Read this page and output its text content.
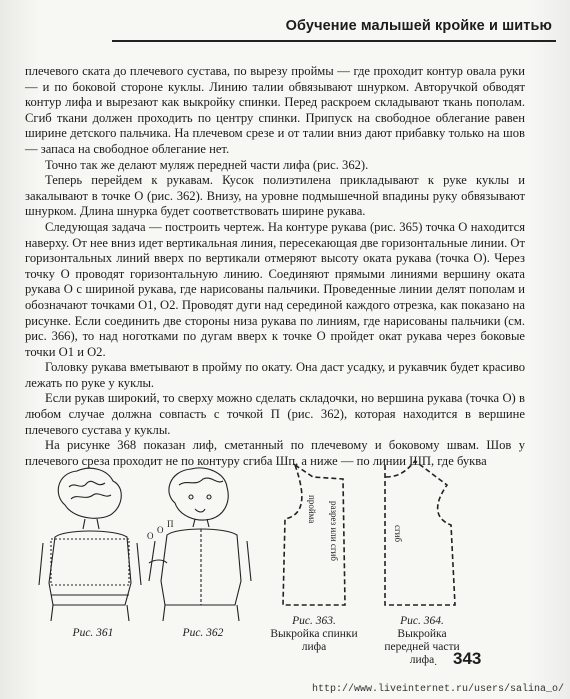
Обучение малышей кройке и шитью

плечевого ската до плечевого сустава, по вырезу проймы — где проходит контур овала руки — и по боковой стороне куклы. Линию талии обвязывают шнурком. Авторучкой обводят контур лифа и вырезают как выкройку спинки. Перед раскроем складывают ткань пополам. Сгиб ткани должен проходить по центру спинки. Припуск на свободное облегание равен ширине детского пальчика. На плечевом срезе и от талии вниз дают прибавку только на шов — запаса на свободное облегание нет.

Точно так же делают муляж передней части лифа (рис. 362).

Теперь перейдем к рукавам. Кусок полиэтилена прикладывают к руке куклы и закалывают в точке О (рис. 362). Внизу, на уровне подмышечной впадины руку обвязывают шнурком. Длина шнурка будет соответствовать ширине рукава.

Следующая задача — построить чертеж. На контуре рукава (рис. 365) точка О находится наверху. От нее вниз идет вертикальная линия, пересекающая две горизонтальные линии. От горизонтальных линий вверх по вертикали отмеряют высоту оката рукава (точка О). Через точку О проводят горизонтальную линию. Соединяют прямыми линиями вершину оката рукава О с шириной рукава, где нарисованы пальчики. Проведенные линии делят пополам и обозначают точками О1, О2. Проводят дуги над серединой каждого отрезка, как показано на рисунке. Если соединить две стороны низа рукава по линиям, где нарисованы пальчики (см. рис. 366), то над ноготками по дугам вверх к точке О пройдет окат рукава через боковые точки О1 и О2.

Головку рукава вметывают в пройму по окату. Она даст усадку, и рукавчик будет красиво лежать по руке у куклы.

Если рукав широкий, то сверху можно сделать складочки, но вершина рукава (точка О) в любом случае должна совпасть с точкой П (рис. 362), которая находится в вершине плечевого сустава у куклы.

На рисунке 368 показан лиф, сметанный по плечевому и боковому швам. Шов у плечевого среза проходит не по контуру сгиба Шп, а ниже — по линии ШП, где буква

Рис. 361
O
O
П
Рис. 362
пройма разрез или сгиб
Рис. 363. Выкройка спинки лифа
сгиб
Рис. 364. Выкройка передней части лифа · 343
http://www.liveinternet.ru/users/salina_o/
